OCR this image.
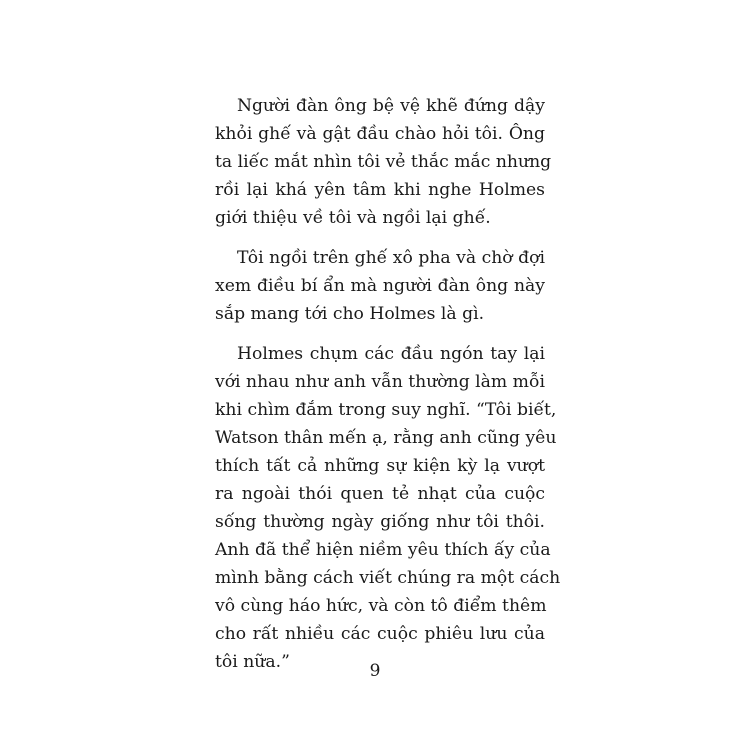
Người đàn ông bệ vệ khẽ đứng dậy
khỏi ghế và gật đầu chào hỏi tôi. Ông
ta liếc mắt nhìn tôi vẻ thắc mắc nhưng
rồi lại khá yên tâm khi nghe Holmes
giới thiệu về tôi và ngồi lại ghế.

Tôi ngồi trên ghế xô pha và chờ đợi
xem điều bí ẩn mà người đàn ông này
sắp mang tới cho Holmes là gì.

Holmes chụm các đầu ngón tay lại
với nhau như anh vẫn thường làm mỗi
khi chìm đắm trong suy nghĩ. “Tôi biết,
Watson thân mến ạ, rằng anh cũng yêu
thích tất cả những sự kiện kỳ lạ vượt
ra ngoài thói quen tẻ nhạt của cuộc
sống thường ngày giống như tôi thôi.
Anh đã thể hiện niềm yêu thích ấy của
mình bằng cách viết chúng ra một cách
vô cùng háo hức, và còn tô điểm thêm
cho rất nhiều các cuộc phiêu lưu của
tôi nữa.”	9
